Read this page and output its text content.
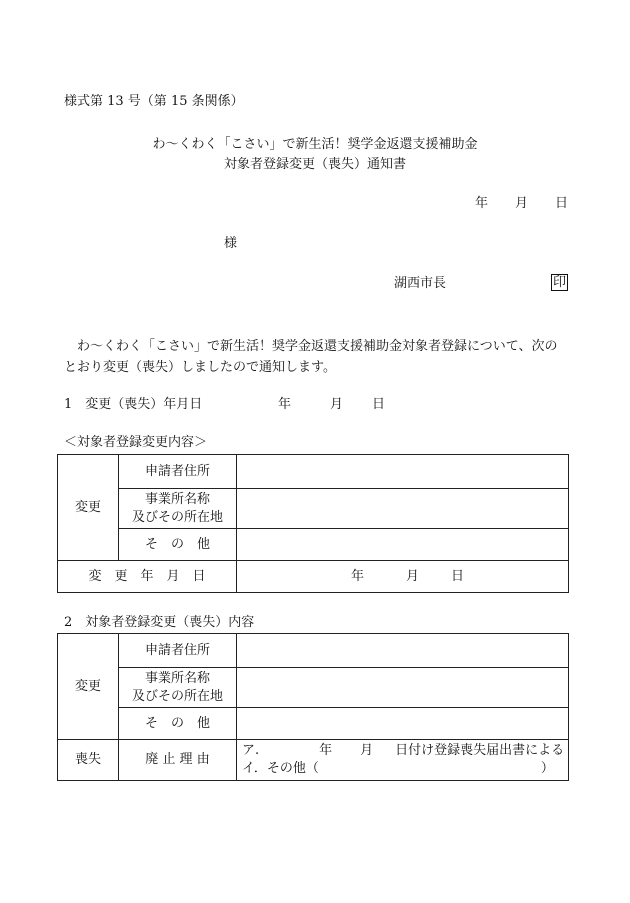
様式第 13 号（第 15 条関係）
わ～くわく「こさい」で新生活！奨学金返還支援補助金
対象者登録変更（喪失）通知書
年 月 日
様
湖西市長	印
わ～くわく「こさい」で新生活！奨学金返還支援補助金対象者登録について、次のとおり変更（喪失）しましたので通知します。
1　変更（喪失）年月日	年	月 日
＜対象者登録変更内容＞
変更	申請者住所	
	事業所名称
及びその所在地	
	そ　の　他	
変　更　年　月　日		年 月 日
2　対象者登録変更（喪失）内容
変更	申請者住所	
	事業所名称
及びその所在地	
	そ　の　他	
喪失	廃 止 理 由	ア. 年 月 日付け登録喪失届出書による
イ．その他（ ）
